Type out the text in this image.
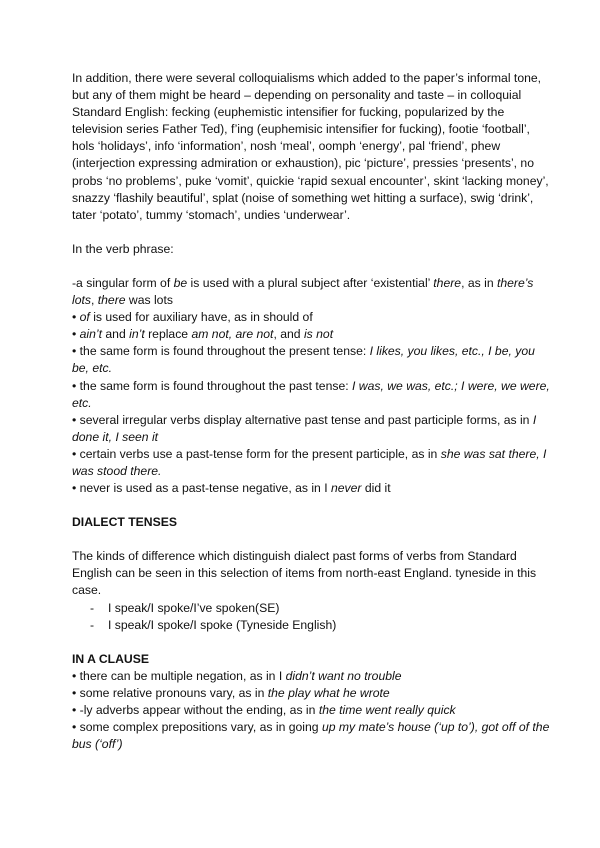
In addition, there were several colloquialisms which added to the paper’s informal tone, but any of them might be heard – depending on personality and taste – in colloquial Standard English: fecking (euphemistic intensifier for fucking, popularized by the television series Father Ted), f’ing (euphemisic intensifier for fucking), footie ‘football’, hols ‘holidays’, info ‘information’, nosh ‘meal’, oomph ‘energy’, pal ‘friend’, phew (interjection expressing admiration or exhaustion), pic ‘picture’, pressies ‘presents’, no probs ‘no problems’, puke ‘vomit’, quickie ‘rapid sexual encounter’, skint ‘lacking money’, snazzy ‘flashily beautiful’, splat (noise of something wet hitting a surface), swig ‘drink’, tater ‘potato’, tummy ‘stomach’, undies ‘underwear’.

In the verb phrase:

-a singular form of be is used with a plural subject after ‘existential’ there, as in there’s lots, there was lots

• of is used for auxiliary have, as in should of

• ain’t and in’t replace am not, are not, and is not

• the same form is found throughout the present tense: I likes, you likes, etc., I be, you be, etc.

• the same form is found throughout the past tense: I was, we was, etc.; I were, we were, etc.

• several irregular verbs display alternative past tense and past participle forms, as in I done it, I seen it

• certain verbs use a past-tense form for the present participle, as in she was sat there, I was stood there.

• never is used as a past-tense negative, as in I never did it

DIALECT TENSES

The kinds of difference which distinguish dialect past forms of verbs from Standard English can be seen in this selection of items from north-east England. tyneside in this case.

- I speak/I spoke/I’ve spoken(SE)
- I speak/I spoke/I spoke (Tyneside English)

IN A CLAUSE

• there can be multiple negation, as in I didn’t want no trouble

• some relative pronouns vary, as in the play what he wrote

• -ly adverbs appear without the ending, as in the time went really quick

• some complex prepositions vary, as in going up my mate’s house (‘up to’), got off of the bus (‘off’)
